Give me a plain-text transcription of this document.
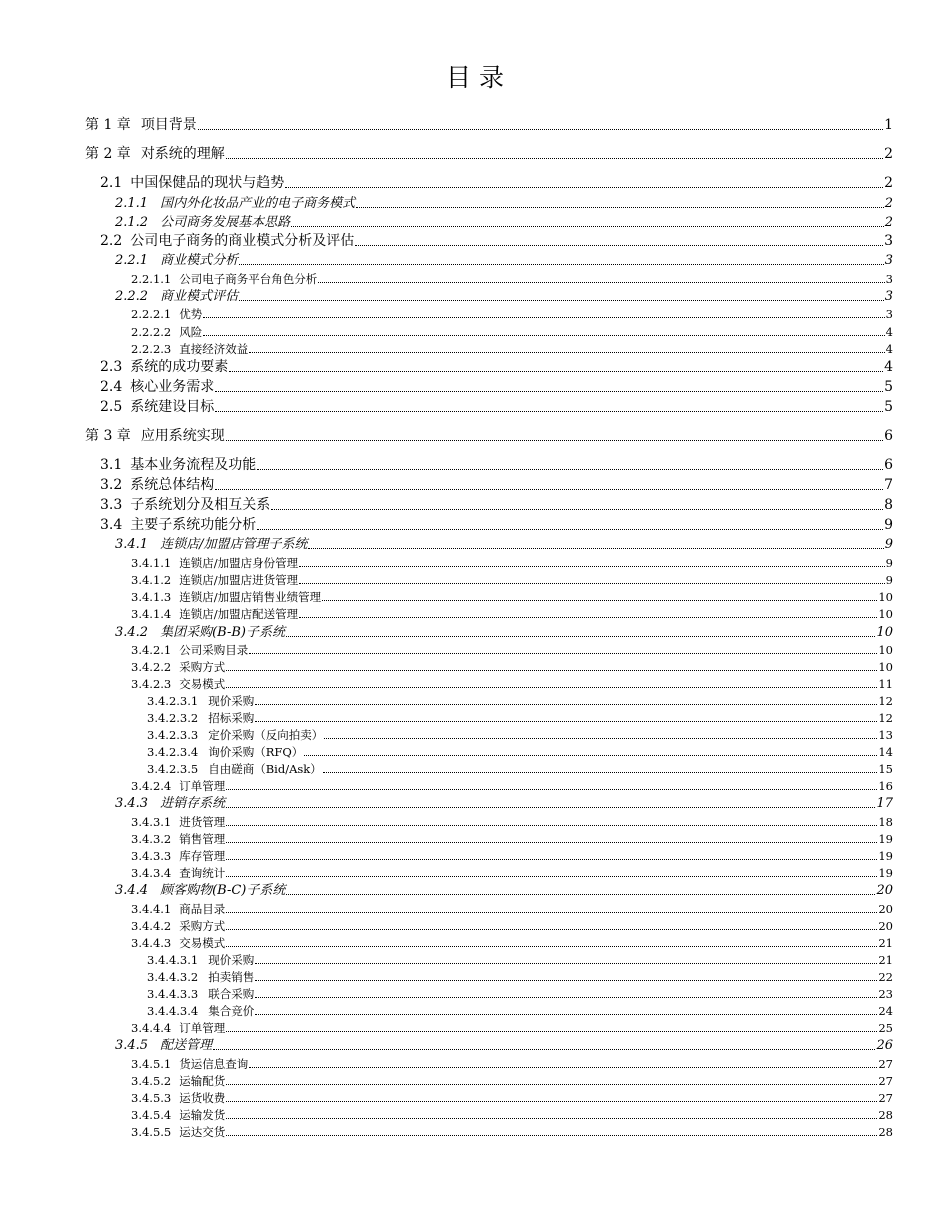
目 录
第 1 章 项目背景	1
第 2 章 对系统的理解	2
2.1 中国保健品的现状与趋势	2
2.1.1 国内外化妆品产业的电子商务模式	2
2.1.2 公司商务发展基本思路	2
2.2 公司电子商务的商业模式分析及评估	3
2.2.1 商业模式分析	3
2.2.1.1 公司电子商务平台角色分析	3
2.2.2 商业模式评估	3
2.2.2.1 优势	3
2.2.2.2 风险	4
2.2.2.3 直接经济效益	4
2.3 系统的成功要素	4
2.4 核心业务需求	5
2.5 系统建设目标	5
第 3 章 应用系统实现	6
3.1 基本业务流程及功能	6
3.2 系统总体结构	7
3.3 子系统划分及相互关系	8
3.4 主要子系统功能分析	9
3.4.1 连锁店/加盟店管理子系统	9
3.4.1.1 连锁店/加盟店身份管理	9
3.4.1.2 连锁店/加盟店进货管理	9
3.4.1.3 连锁店/加盟店销售业绩管理	10
3.4.1.4 连锁店/加盟店配送管理	10
3.4.2 集团采购(B-B)子系统	10
3.4.2.1 公司采购目录	10
3.4.2.2 采购方式	10
3.4.2.3 交易模式	11
3.4.2.3.1 现价采购	12
3.4.2.3.2 招标采购	12
3.4.2.3.3 定价采购（反向拍卖）	13
3.4.2.3.4 询价采购（RFQ）	14
3.4.2.3.5 自由磋商（Bid/Ask）	15
3.4.2.4 订单管理	16
3.4.3 进销存系统	17
3.4.3.1 进货管理	18
3.4.3.2 销售管理	19
3.4.3.3 库存管理	19
3.4.3.4 查询统计	19
3.4.4 顾客购物(B-C)子系统	20
3.4.4.1 商品目录	20
3.4.4.2 采购方式	20
3.4.4.3 交易模式	21
3.4.4.3.1 现价采购	21
3.4.4.3.2 拍卖销售	22
3.4.4.3.3 联合采购	23
3.4.4.3.4 集合竞价	24
3.4.4.4 订单管理	25
3.4.5 配送管理	26
3.4.5.1 货运信息查询	27
3.4.5.2 运输配货	27
3.4.5.3 运货收费	27
3.4.5.4 运输发货	28
3.4.5.5 运达交货	28
